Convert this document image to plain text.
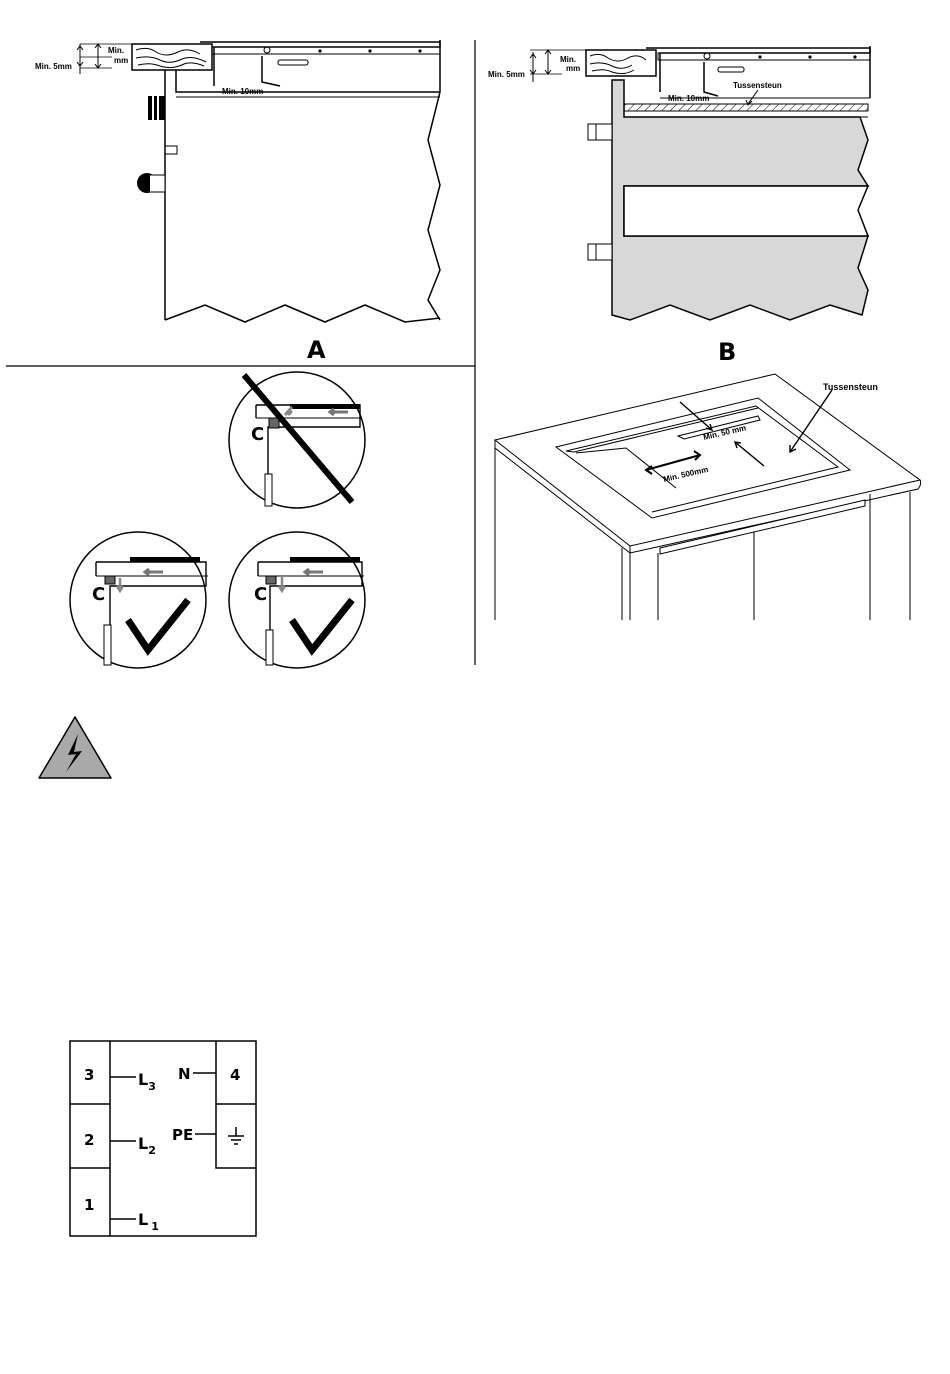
Min.
mm
Min. 5mm
Min. 10mm
A
Min.
mm
Min. 5mm
Min. 10mm
Tussensteun
B
C
C	C
Tussensteun
Min. 50 mm
Min. 500mm
3
2
1
4
$L_3$
$L_2$
L $_1$
N
PE
